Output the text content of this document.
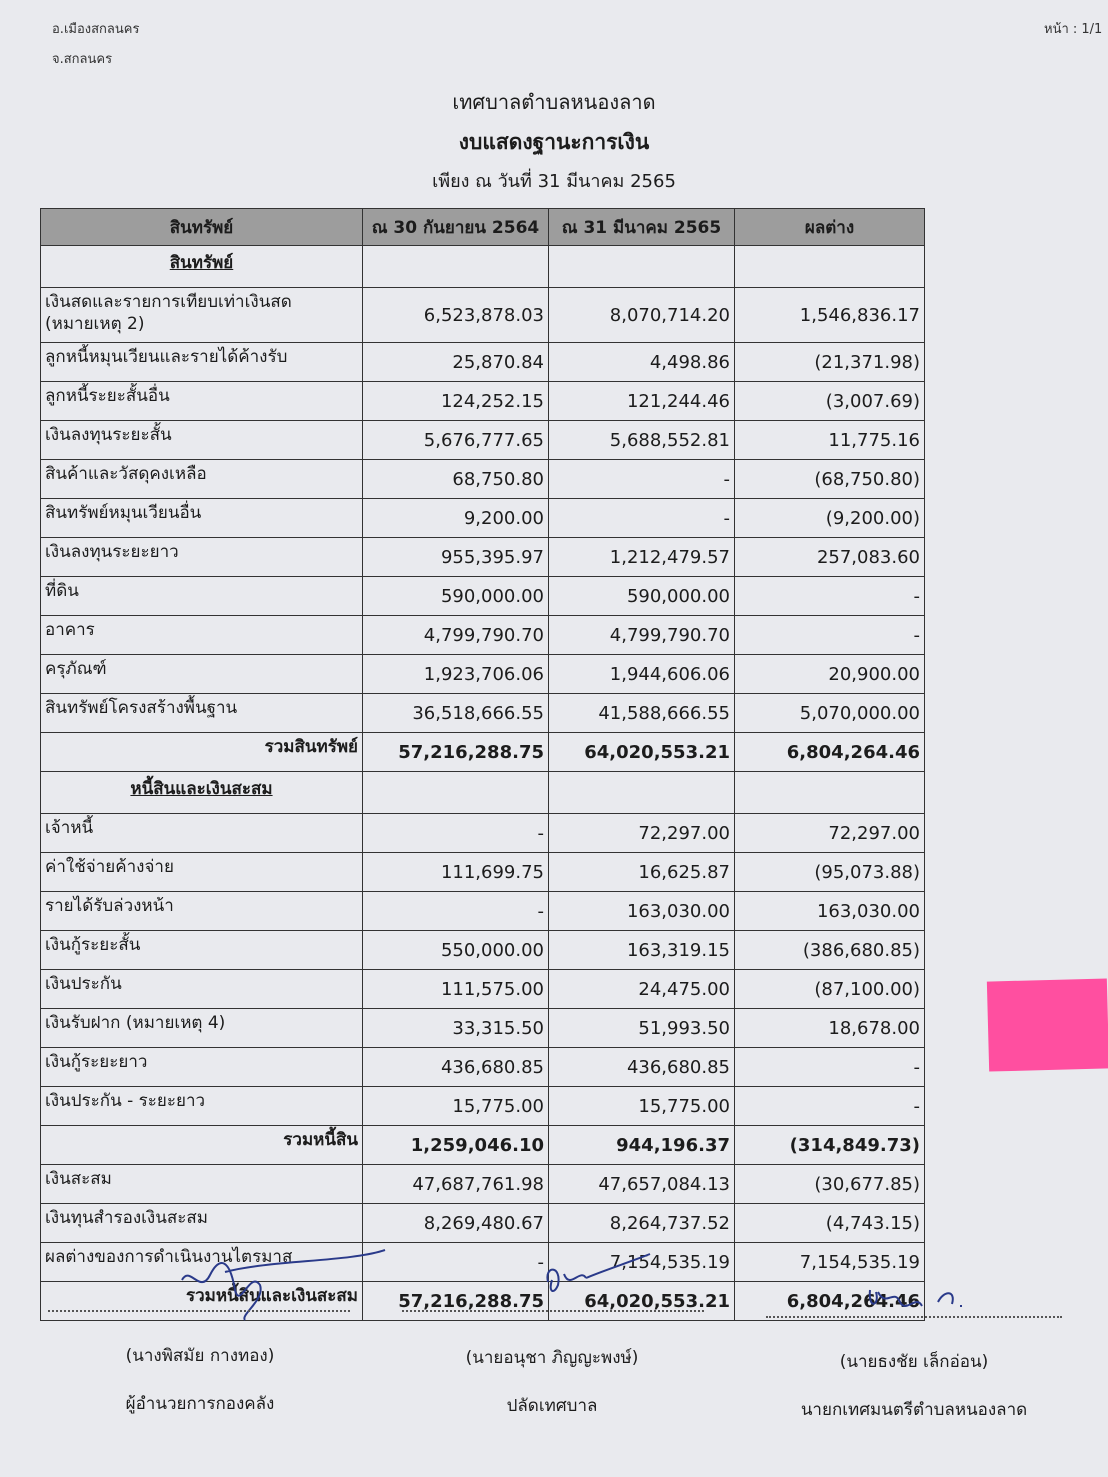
อ.เมืองสกลนคร
จ.สกลนคร
หน้า : 1/1
เทศบาลตำบลหนองลาด
งบแสดงฐานะการเงิน
เพียง ณ วันที่ 31 มีนาคม 2565
สินทรัพย์	ณ 30 กันยายน 2564	ณ 31 มีนาคม 2565	ผลต่าง
สินทรัพย์			
เงินสดและรายการเทียบเท่าเงินสด (หมายเหตุ 2)	6,523,878.03	8,070,714.20	1,546,836.17
ลูกหนี้หมุนเวียนและรายได้ค้างรับ	25,870.84	4,498.86	(21,371.98)
ลูกหนี้ระยะสั้นอื่น	124,252.15	121,244.46	(3,007.69)
เงินลงทุนระยะสั้น	5,676,777.65	5,688,552.81	11,775.16
สินค้าและวัสดุคงเหลือ	68,750.80	-	(68,750.80)
สินทรัพย์หมุนเวียนอื่น	9,200.00	-	(9,200.00)
เงินลงทุนระยะยาว	955,395.97	1,212,479.57	257,083.60
ที่ดิน	590,000.00	590,000.00	-
อาคาร	4,799,790.70	4,799,790.70	-
ครุภัณฑ์	1,923,706.06	1,944,606.06	20,900.00
สินทรัพย์โครงสร้างพื้นฐาน	36,518,666.55	41,588,666.55	5,070,000.00
รวมสินทรัพย์	57,216,288.75	64,020,553.21	6,804,264.46
หนี้สินและเงินสะสม			
เจ้าหนี้	-	72,297.00	72,297.00
ค่าใช้จ่ายค้างจ่าย	111,699.75	16,625.87	(95,073.88)
รายได้รับล่วงหน้า	-	163,030.00	163,030.00
เงินกู้ระยะสั้น	550,000.00	163,319.15	(386,680.85)
เงินประกัน	111,575.00	24,475.00	(87,100.00)
เงินรับฝาก (หมายเหตุ 4)	33,315.50	51,993.50	18,678.00
เงินกู้ระยะยาว	436,680.85	436,680.85	-
เงินประกัน - ระยะยาว	15,775.00	15,775.00	-
รวมหนี้สิน	1,259,046.10	944,196.37	(314,849.73)
เงินสะสม	47,687,761.98	47,657,084.13	(30,677.85)
เงินทุนสำรองเงินสะสม	8,269,480.67	8,264,737.52	(4,743.15)
ผลต่างของการดำเนินงานไตรมาส	-	7,154,535.19	7,154,535.19
รวมหนี้สินและเงินสะสม	57,216,288.75	64,020,553.21	6,804,264.46
(นางพิสมัย กางทอง)	(นายอนุชา ภิญญะพงษ์)	(นายธงชัย เล็กอ่อน)
ผู้อำนวยการกองคลัง	ปลัดเทศบาล	นายกเทศมนตรีตำบลหนองลาด
